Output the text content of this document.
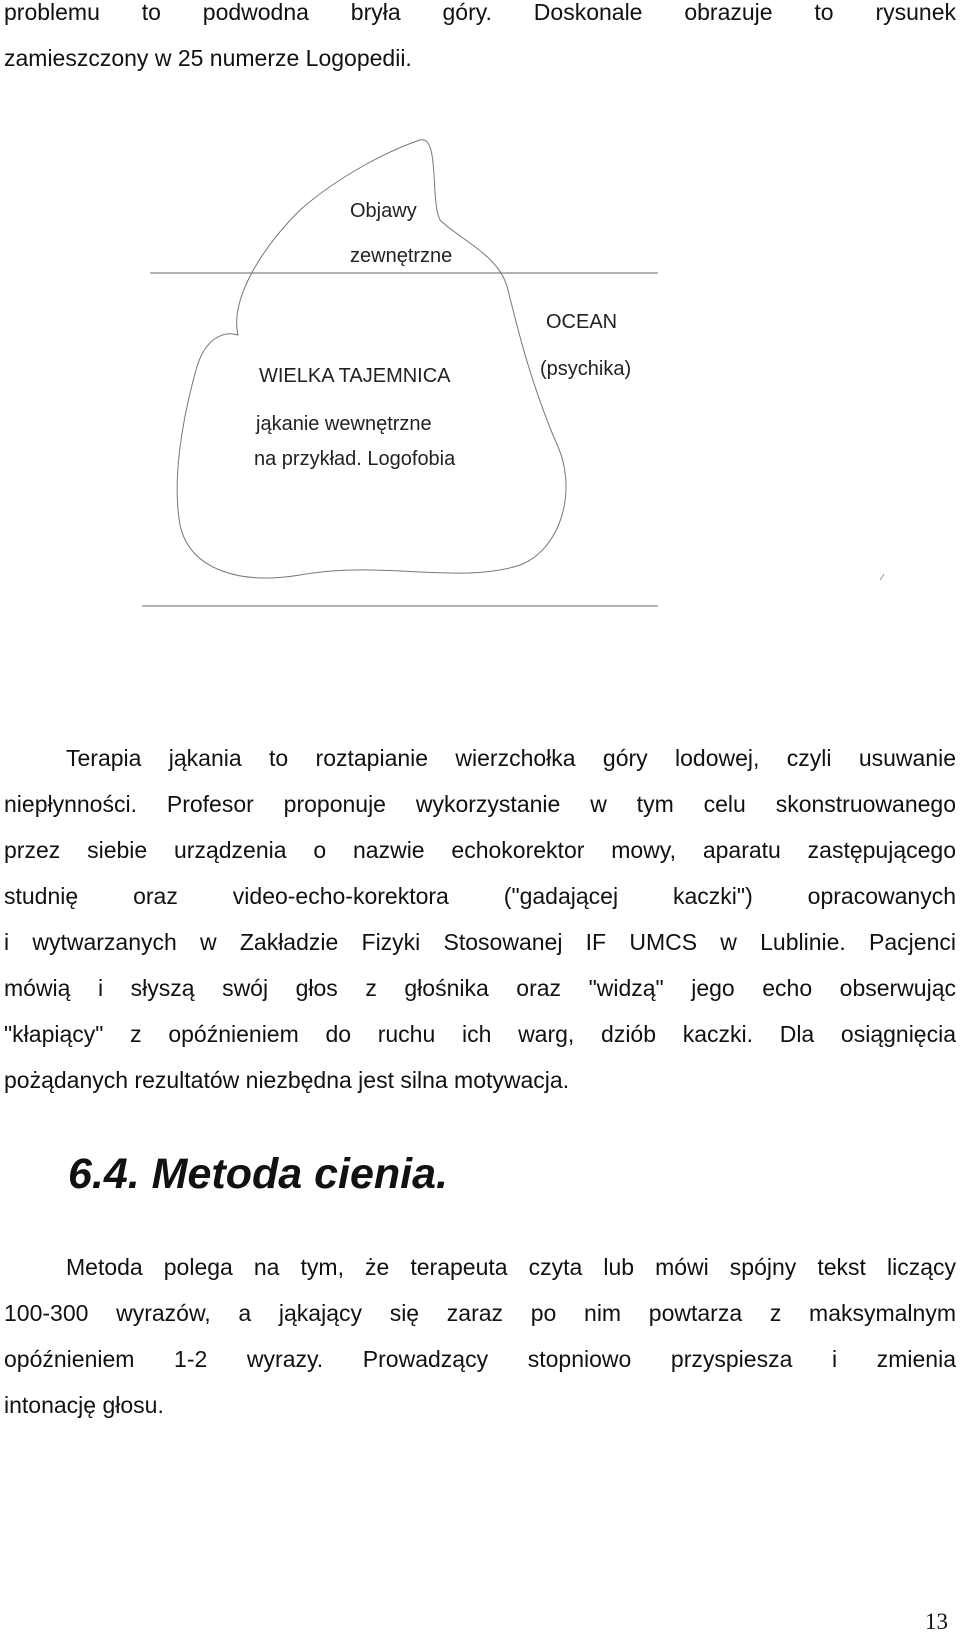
problemu to podwodna bryła góry. Doskonale obrazuje to rysunek
zamieszczony w 25 numerze Logopedii.
Objawy
zewnętrzne
OCEAN
(psychika)
WIELKA TAJEMNICA
jąkanie wewnętrzne
na przykład. Logofobia
Terapia jąkania to roztapianie wierzchołka góry lodowej, czyli usuwanie
niepłynności. Profesor proponuje wykorzystanie w tym celu skonstruowanego
przez siebie urządzenia o nazwie echokorektor mowy, aparatu zastępującego
studnię oraz video-echo-korektora ("gadającej kaczki") opracowanych
i wytwarzanych w Zakładzie Fizyki Stosowanej IF UMCS w Lublinie. Pacjenci
mówią i słyszą swój głos z głośnika oraz "widzą" jego echo obserwując
"kłapiący" z opóźnieniem do ruchu ich warg, dziób kaczki. Dla osiągnięcia
pożądanych rezultatów niezbędna jest silna motywacja.
6.4. Metoda cienia.
Metoda polega na tym, że terapeuta czyta lub mówi spójny tekst liczący
100-300 wyrazów, a jąkający się zaraz po nim powtarza z maksymalnym
opóźnieniem 1-2 wyrazy. Prowadzący stopniowo przyspiesza i zmienia
intonację głosu.
13
